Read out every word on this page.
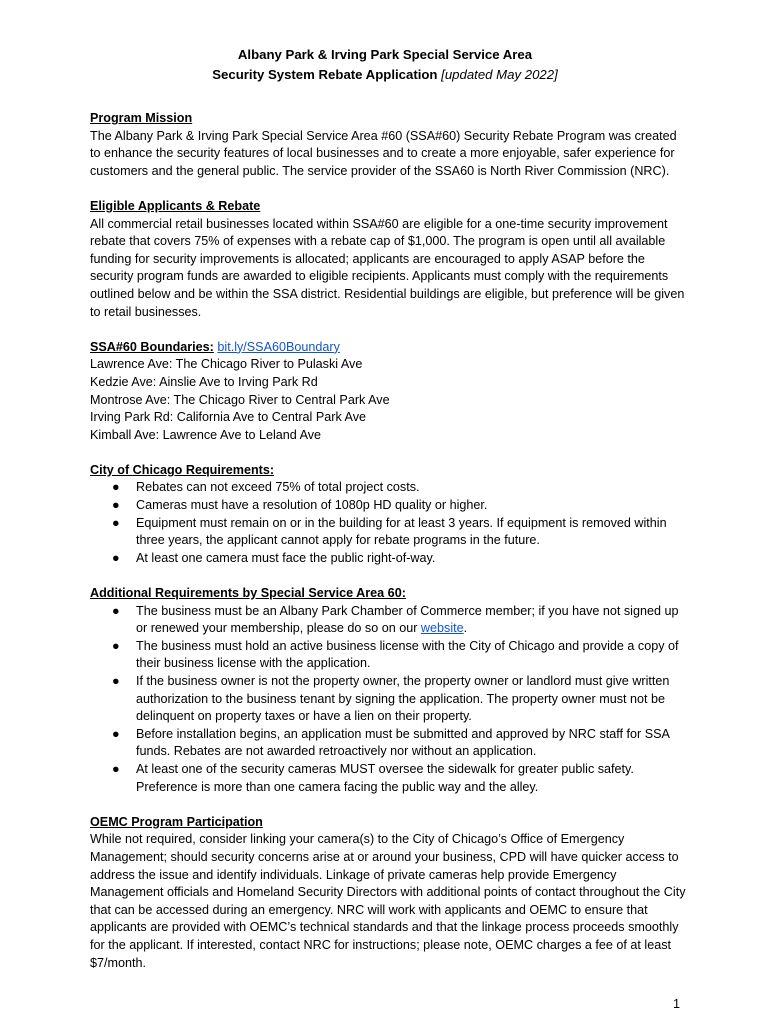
Albany Park & Irving Park Special Service Area
Security System Rebate Application [updated May 2022]
Program Mission

The Albany Park & Irving Park Special Service Area #60 (SSA#60) Security Rebate Program was created to enhance the security features of local businesses and to create a more enjoyable, safer experience for customers and the general public. The service provider of the SSA60 is North River Commission (NRC).

Eligible Applicants & Rebate

All commercial retail businesses located within SSA#60 are eligible for a one-time security improvement rebate that covers 75% of expenses with a rebate cap of $1,000. The program is open until all available funding for security improvements is allocated; applicants are encouraged to apply ASAP before the security program funds are awarded to eligible recipients. Applicants must comply with the requirements outlined below and be within the SSA district. Residential buildings are eligible, but preference will be given to retail businesses.

SSA#60 Boundaries: bit.ly/SSA60Boundary
Lawrence Ave: The Chicago River to Pulaski Ave
Kedzie Ave: Ainslie Ave to Irving Park Rd
Montrose Ave: The Chicago River to Central Park Ave
Irving Park Rd: California Ave to Central Park Ave
Kimball Ave: Lawrence Ave to Leland Ave
City of Chicago Requirements:
● Rebates can not exceed 75% of total project costs.
● Cameras must have a resolution of 1080p HD quality or higher.
● Equipment must remain on or in the building for at least 3 years. If equipment is removed within three years, the applicant cannot apply for rebate programs in the future.
● At least one camera must face the public right-of-way.
Additional Requirements by Special Service Area 60:
● The business must be an Albany Park Chamber of Commerce member; if you have not signed up or renewed your membership, please do so on our website.
● The business must hold an active business license with the City of Chicago and provide a copy of their business license with the application.
● If the business owner is not the property owner, the property owner or landlord must give written authorization to the business tenant by signing the application. The property owner must not be delinquent on property taxes or have a lien on their property.
● Before installation begins, an application must be submitted and approved by NRC staff for SSA funds. Rebates are not awarded retroactively nor without an application.
● At least one of the security cameras MUST oversee the sidewalk for greater public safety. Preference is more than one camera facing the public way and the alley.
OEMC Program Participation

While not required, consider linking your camera(s) to the City of Chicago’s Office of Emergency Management; should security concerns arise at or around your business, CPD will have quicker access to address the issue and identify individuals. Linkage of private cameras help provide Emergency Management officials and Homeland Security Directors with additional points of contact throughout the City that can be accessed during an emergency. NRC will work with applicants and OEMC to ensure that applicants are provided with OEMC’s technical standards and that the linkage process proceeds smoothly for the applicant. If interested, contact NRC for instructions; please note, OEMC charges a fee of at least $7/month.

1
